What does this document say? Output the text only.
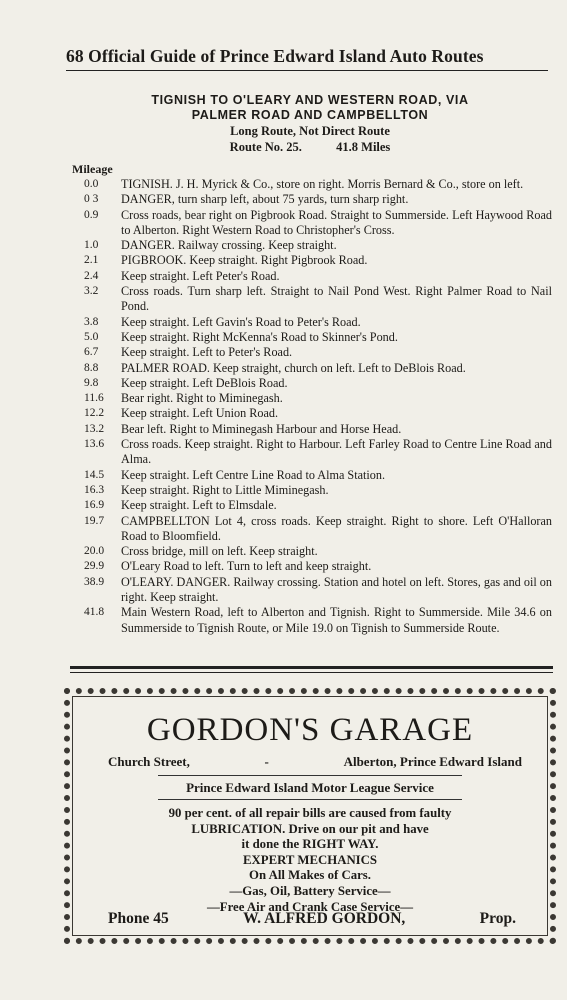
68 Official Guide of Prince Edward Island Auto Routes
TIGNISH TO O'LEARY AND WESTERN ROAD, VIA
PALMER ROAD AND CAMPBELLTON
Long Route, Not Direct Route
Route No. 25.	41.8 Miles
Mileage
0.0	TIGNISH. J. H. Myrick & Co., store on right. Morris Bernard & Co., store on left.
0 3	DANGER, turn sharp left, about 75 yards, turn sharp right.
0.9	Cross roads, bear right on Pigbrook Road. Straight to Summerside. Left Haywood Road to Alberton. Right Western Road to Christopher's Cross.
1.0	DANGER. Railway crossing. Keep straight.
2.1	PIGBROOK. Keep straight. Right Pigbrook Road.
2.4	Keep straight. Left Peter's Road.
3.2	Cross roads. Turn sharp left. Straight to Nail Pond West. Right Palmer Road to Nail Pond.
3.8	Keep straight. Left Gavin's Road to Peter's Road.
5.0	Keep straight. Right McKenna's Road to Skinner's Pond.
6.7	Keep straight. Left to Peter's Road.
8.8	PALMER ROAD. Keep straight, church on left. Left to DeBlois Road.
9.8	Keep straight. Left DeBlois Road.
11.6	Bear right. Right to Miminegash.
12.2	Keep straight. Left Union Road.
13.2	Bear left. Right to Miminegash Harbour and Horse Head.
13.6	Cross roads. Keep straight. Right to Harbour. Left Farley Road to Centre Line Road and Alma.
14.5	Keep straight. Left Centre Line Road to Alma Station.
16.3	Keep straight. Right to Little Miminegash.
16.9	Keep straight. Left to Elmsdale.
19.7	CAMPBELLTON Lot 4, cross roads. Keep straight. Right to shore. Left O'Halloran Road to Bloomfield.
20.0	Cross bridge, mill on left. Keep straight.
29.9	O'Leary Road to left. Turn to left and keep straight.
38.9	O'LEARY. DANGER. Railway crossing. Station and hotel on left. Stores, gas and oil on right. Keep straight.
41.8	Main Western Road, left to Alberton and Tignish. Right to Summerside. Mile 34.6 on Summerside to Tignish Route, or Mile 19.0 on Tignish to Summerside Route.
GORDON'S GARAGE
Church Street,	-	Alberton, Prince Edward Island
Prince Edward Island Motor League Service
90 per cent. of all repair bills are caused from faulty
LUBRICATION. Drive on our pit and have
it done the RIGHT WAY.
EXPERT MECHANICS
On All Makes of Cars.
—Gas, Oil, Battery Service—
—Free Air and Crank Case Service—
Phone 45	W. ALFRED GORDON,	Prop.
